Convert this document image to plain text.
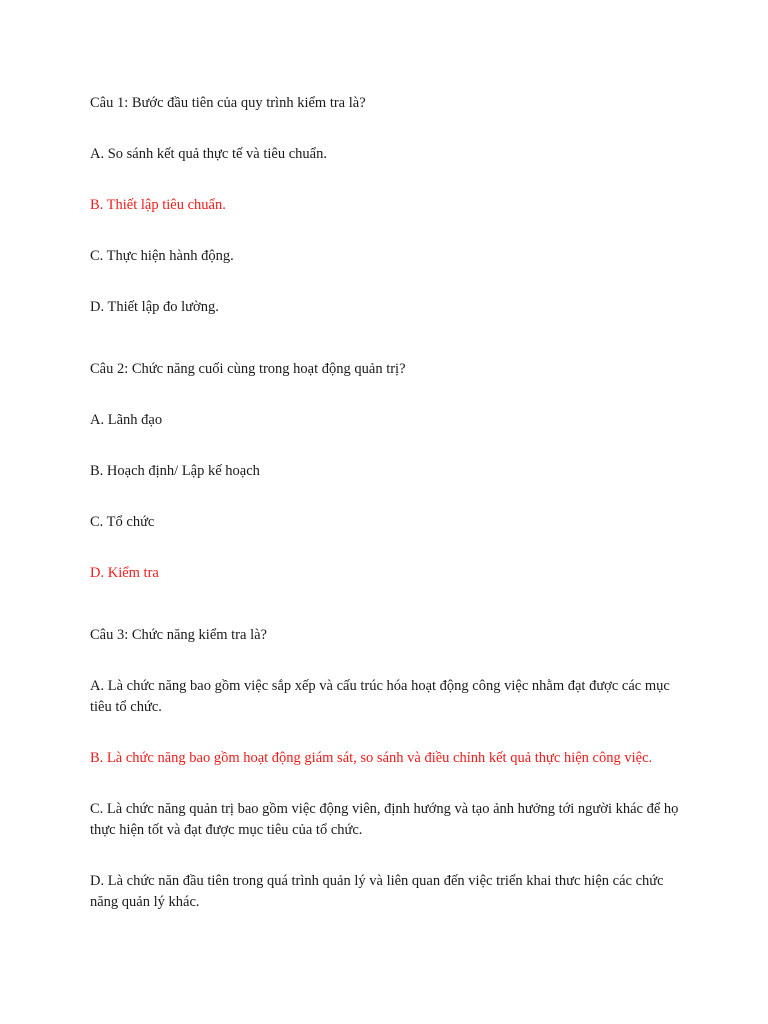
Câu 1: Bước đầu tiên của quy trình kiểm tra là?

A. So sánh kết quả thực tế và tiêu chuẩn.

B. Thiết lập tiêu chuẩn.

C. Thực hiện hành động.

D. Thiết lập đo lường.

Câu 2: Chức năng cuối cùng trong hoạt động quản trị?

A. Lãnh đạo

B. Hoạch định/ Lập kế hoạch

C. Tổ chức

D. Kiểm tra

Câu 3: Chức năng kiểm tra là?

A. Là chức năng bao gồm việc sắp xếp và cấu trúc hóa hoạt động công việc nhằm đạt được các mục tiêu tổ chức.

B. Là chức năng bao gồm hoạt động giám sát, so sánh và điều chỉnh kết quả thực hiện công việc.

C. Là chức năng quản trị bao gồm việc động viên, định hướng và tạo ảnh hưởng tới người khác để họ thực hiện tốt và đạt được mục tiêu của tổ chức.

D. Là chức năn đầu tiên trong quá trình quản lý và liên quan đến việc triển khai thưc hiện các chức năng quản lý khác.
